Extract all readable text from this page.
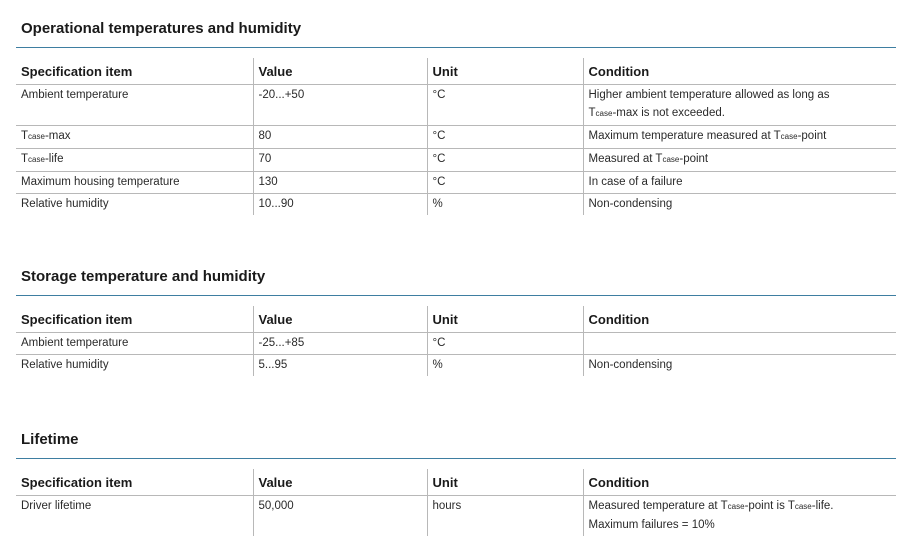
Operational temperatures and humidity
Specification item	Value	Unit	Condition
Ambient temperature	-20...+50	°C	Higher ambient temperature allowed as long as
Tcase-max is not exceeded.

Tcase-max	80	°C	Maximum temperature measured at Tcase-point
Tcase-life	70	°C	Measured at Tcase-point
Maximum housing temperature	130	°C	In case of a failure
Relative humidity	10...90	%	Non-condensing
Storage temperature and humidity
Specification item	Value	Unit	Condition
Ambient temperature	-25...+85	°C	
Relative humidity	5...95	%	Non-condensing
Lifetime
Specification item	Value	Unit	Condition
Driver lifetime	50,000	hours	Measured temperature at Tcase-point is Tcase-life.
Maximum failures = 10%
